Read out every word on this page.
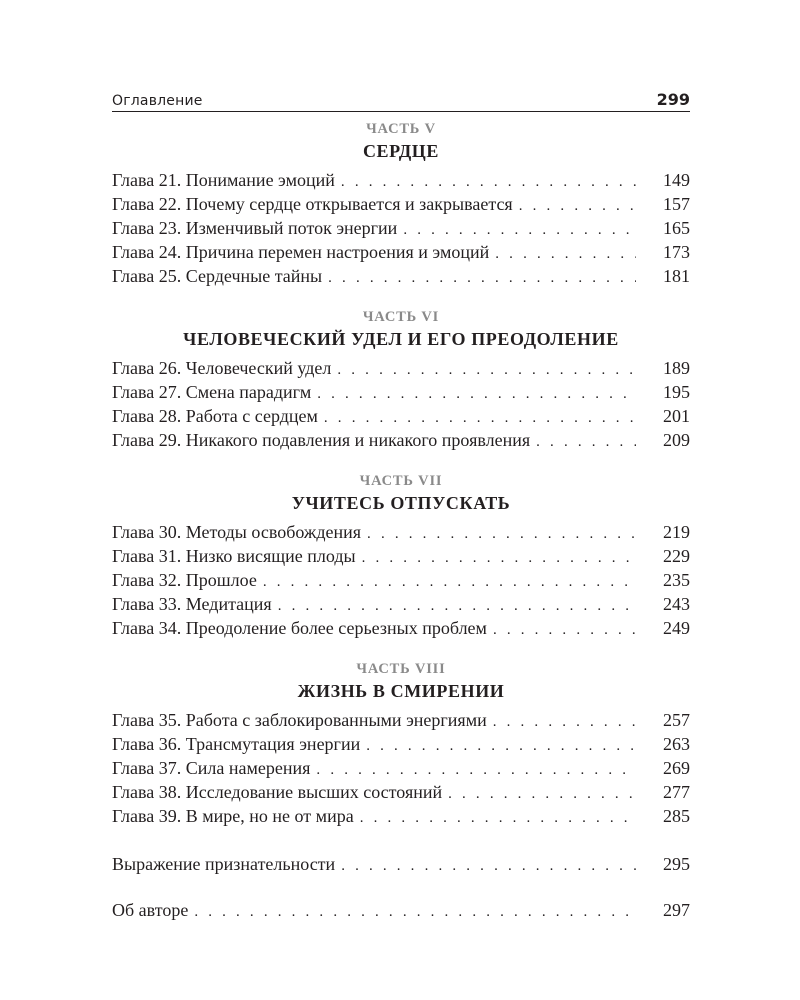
Оглавление	299
ЧАСТЬ V
СЕРДЦЕ
Глава 21. Понимание эмоций . . .	149
Глава 22. Почему сердце открывается и закрывается . . .	157
Глава 23. Изменчивый поток энергии . . .	165
Глава 24. Причина перемен настроения и эмоций . . .	173
Глава 25. Сердечные тайны . . .	181
ЧАСТЬ VI
ЧЕЛОВЕЧЕСКИЙ УДЕЛ И ЕГО ПРЕОДОЛЕНИЕ
Глава 26. Человеческий удел . . .	189
Глава 27. Смена парадигм . . .	195
Глава 28. Работа с сердцем . . .	201
Глава 29. Никакого подавления и никакого проявления . . .	209
ЧАСТЬ VII
УЧИТЕСЬ ОТПУСКАТЬ
Глава 30. Методы освобождения . . .	219
Глава 31. Низко висящие плоды . . .	229
Глава 32. Прошлое . . .	235
Глава 33. Медитация . . .	243
Глава 34. Преодоление более серьезных проблем . . .	249
ЧАСТЬ VIII
ЖИЗНЬ В СМИРЕНИИ
Глава 35. Работа с заблокированными энергиями . . .	257
Глава 36. Трансмутация энергии . . .	263
Глава 37. Сила намерения . . .	269
Глава 38. Исследование высших состояний . . .	277
Глава 39. В мире, но не от мира . . .	285
Выражение признательности . . .	295
Об авторе . . .	297
